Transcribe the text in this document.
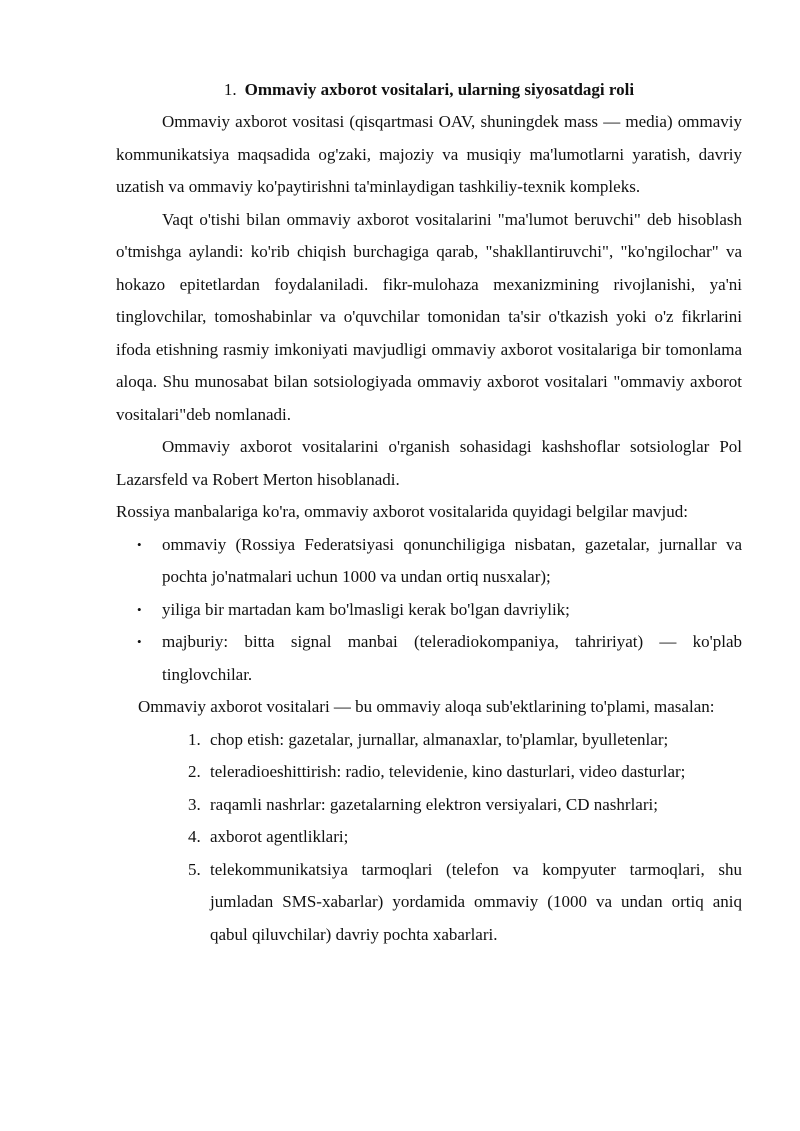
1. Ommaviy axborot vositalari, ularning siyosatdagi roli

Ommaviy axborot vositasi (qisqartmasi OAV, shuningdek mass — media) ommaviy kommunikatsiya maqsadida og'zaki, majoziy va musiqiy ma'lumotlarni yaratish, davriy uzatish va ommaviy ko'paytirishni ta'minlaydigan tashkiliy-texnik kompleks.

Vaqt o'tishi bilan ommaviy axborot vositalarini "ma'lumot beruvchi" deb hisoblash o'tmishga aylandi: ko'rib chiqish burchagiga qarab, "shakllantiruvchi", "ko'ngilochar" va hokazo epitetlardan foydalaniladi. fikr-mulohaza mexanizmining rivojlanishi, ya'ni tinglovchilar, tomoshabinlar va o'quvchilar tomonidan ta'sir o'tkazish yoki o'z fikrlarini ifoda etishning rasmiy imkoniyati mavjudligi ommaviy axborot vositalariga bir tomonlama aloqa. Shu munosabat bilan sotsiologiyada ommaviy axborot vositalari "ommaviy axborot vositalari"deb nomlanadi.

Ommaviy axborot vositalarini o'rganish sohasidagi kashshoflar sotsiologlar Pol Lazarsfeld va Robert Merton hisoblanadi.

Rossiya manbalariga ko'ra, ommaviy axborot vositalarida quyidagi belgilar mavjud:

• ommaviy (Rossiya Federatsiyasi qonunchiligiga nisbatan, gazetalar, jurnallar va pochta jo'natmalari uchun 1000 va undan ortiq nusxalar);
• yiliga bir martadan kam bo'lmasligi kerak bo'lgan davriylik;
• majburiy: bitta signal manbai (teleradiokompaniya, tahririyat) — ko'plab tinglovchilar.

Ommaviy axborot vositalari — bu ommaviy aloqa sub'ektlarining to'plami, masalan:

1. chop etish: gazetalar, jurnallar, almanaxlar, to'plamlar, byulletenlar;
2. teleradioeshittirish: radio, televidenie, kino dasturlari, video dasturlar;
3. raqamli nashrlar: gazetalarning elektron versiyalari, CD nashrlari;
4. axborot agentliklari;
5. telekommunikatsiya tarmoqlari (telefon va kompyuter tarmoqlari, shu jumladan SMS-xabarlar) yordamida ommaviy (1000 va undan ortiq aniq qabul qiluvchilar) davriy pochta xabarlari.
